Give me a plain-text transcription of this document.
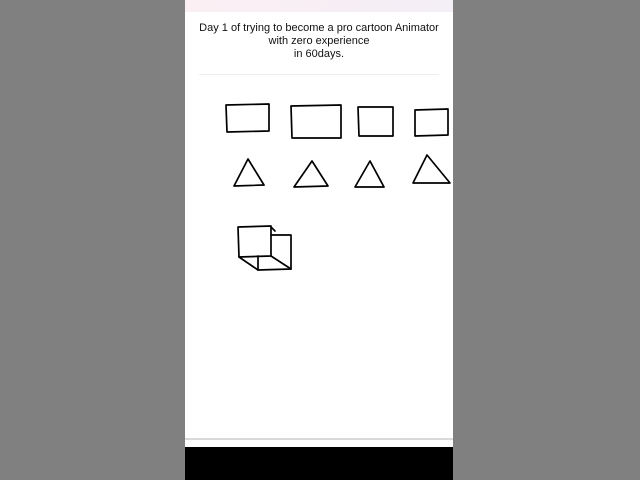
Day 1 of trying to become a pro cartoon Animator
with zero experience
in 60days.
